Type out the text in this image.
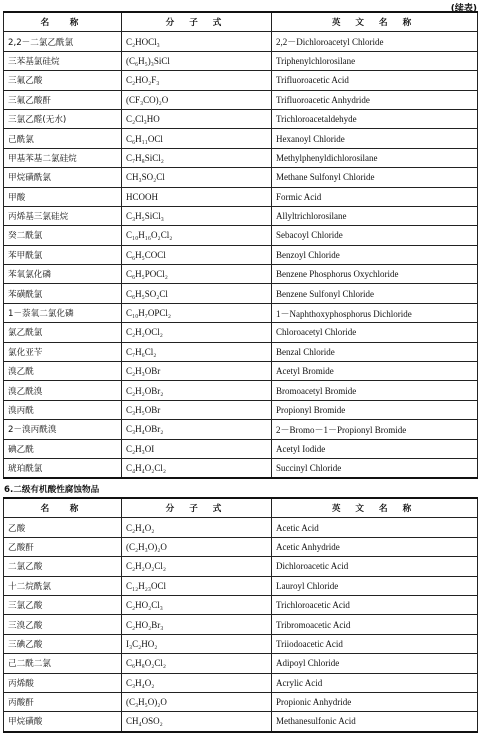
(续表)
名　称	分 子 式	英 文 名 称
2,2－二氯乙酰氯	C₂HOCl₃	2,2－Dichloroacetyl Chloride
三苯基氯硅烷	(C₆H₅)₃SiCl	Triphenylchlorosilane
三氟乙酸	C₂HO₂F₃	Trifluoroacetic Acid
三氟乙酸酐	(CF₃CO)₂O	Trifluoroacetic Anhydride
三氯乙醛(无水)	C₂Cl₃HO	Trichloroacetaldehyde
己酰氯	C₆H₁₁OCl	Hexanoyl Chloride
甲基苯基二氯硅烷	C₇H₈SiCl₂	Methylphenyldichlorosilane
甲烷磺酰氯	CH₃SO₂Cl	Methane Sulfonyl Chloride
甲酸	HCOOH	Formic Acid
丙烯基三氯硅烷	C₃H₅SiCl₃	Allyltrichlorosilane
癸二酰氯	C₁₀H₁₆O₂Cl₂	Sebacoyl Chloride
苯甲酰氯	C₆H₅COCl	Benzoyl Chloride
苯氧氯化磷	C₆H₅POCl₂	Benzene Phosphorus Oxychloride
苯磺酰氯	C₆H₅SO₂Cl	Benzene Sulfonyl Chloride
1－萘氧二氯化磷	C₁₀H₇OPCl₂	1－Naphthoxyphosphorus Dichloride
氯乙酰氯	C₂H₂OCl₂	Chloroacetyl Chloride
氯化亚苄	C₇H₆Cl₂	Benzal Chloride
溴乙酰	C₂H₃OBr	Acetyl Bromide
溴乙酰溴	C₂H₂OBr₂	Bromoacetyl Bromide
溴丙酰	C₃H₅OBr	Propionyl Bromide
2－溴丙酰溴	C₃H₄OBr₂	2－Bromo－1－Propionyl Bromide
碘乙酰	C₂H₃OI	Acetyl Iodide
琥珀酰氯	C₄H₄O₂Cl₂	Succinyl Chloride
6.二级有机酸性腐蚀物品
名　称	分 子 式	英 文 名 称
乙酸	C₂H₄O₂	Acetic Acid
乙酸酐	(C₂H₃O)₂O	Acetic Anhydride
二氯乙酸	C₂H₂O₂Cl₂	Dichloroacetic Acid
十二烷酰氯	C₁₂H₂₃OCl	Lauroyl Chloride
三氯乙酸	C₂HO₂Cl₃	Trichloroacetic Acid
三溴乙酸	C₂HO₂Br₃	Tribromoacetic Acid
三碘乙酸	I₃C₂HO₂	Triiodoacetic Acid
己二酰二氯	C₆H₈O₂Cl₂	Adipoyl Chloride
丙烯酸	C₃H₄O₂	Acrylic Acid
丙酸酐	(C₃H₅O)₂O	Propionic Anhydride
甲烷磺酸	CH₄OSO₂	Methanesulfonic Acid
